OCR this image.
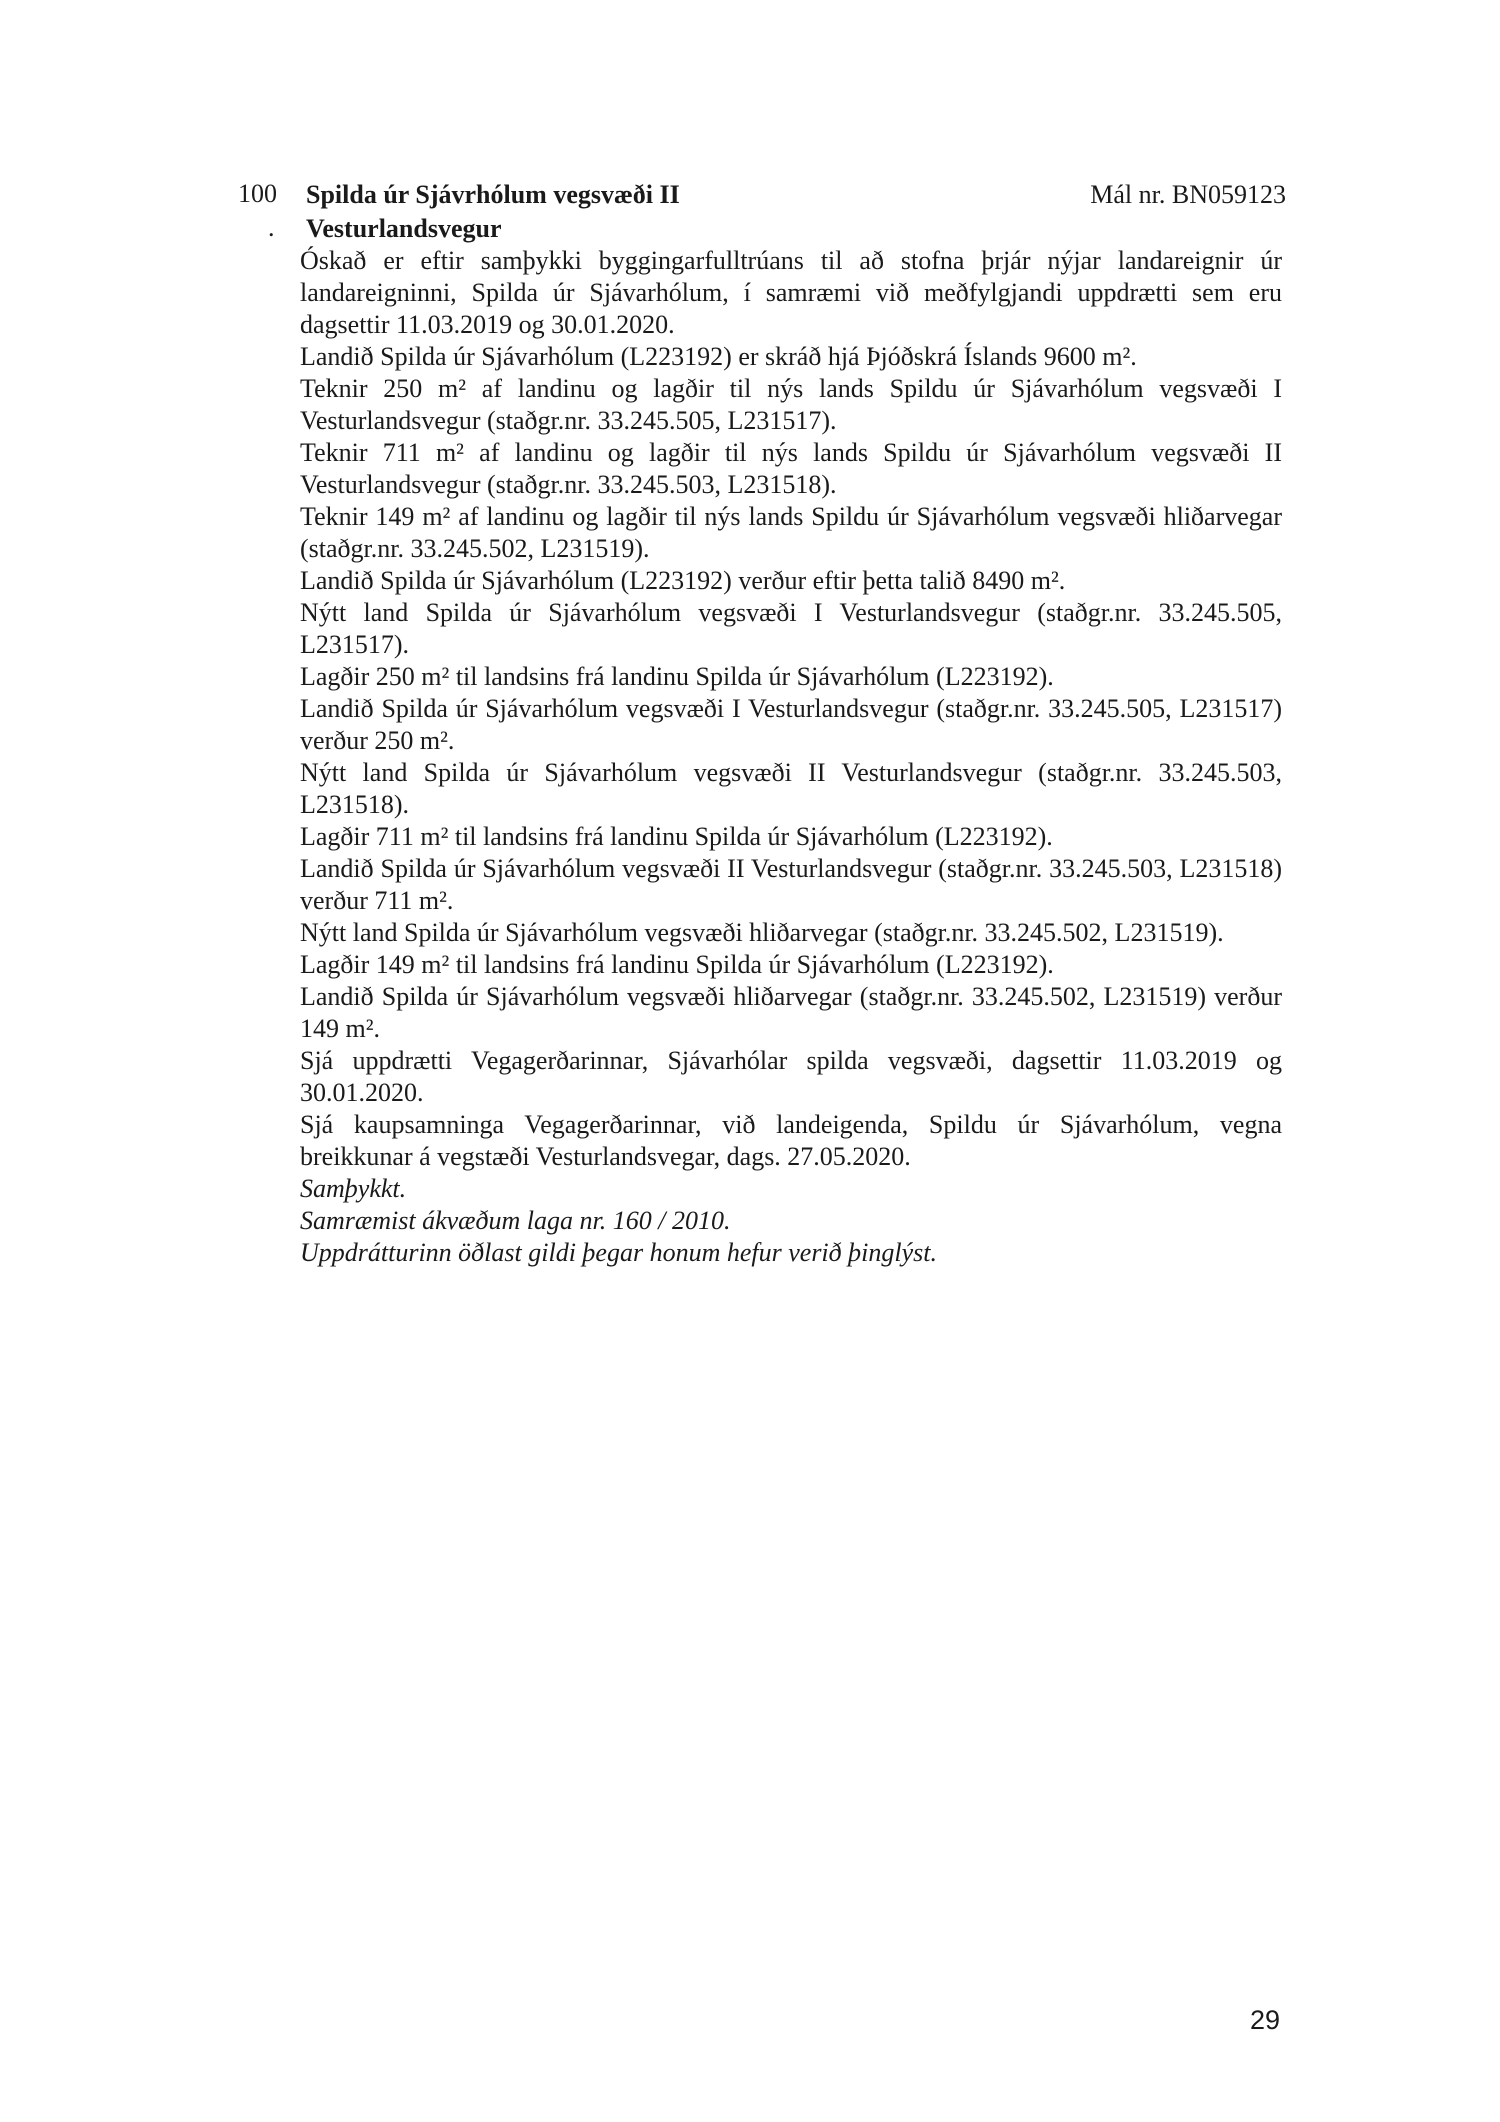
100
.
Spilda úr Sjávrhólum vegsvæði II
Vesturlandsvegur
Mál nr. BN059123

Óskað er eftir samþykki byggingarfulltrúans til að stofna þrjár nýjar landareignir úr landareigninni, Spilda úr Sjávarhólum, í samræmi við meðfylgjandi uppdrætti sem eru dagsettir 11.03.2019 og 30.01.2020.

Landið Spilda úr Sjávarhólum (L223192) er skráð hjá Þjóðskrá Íslands 9600 m².

Teknir 250 m² af landinu og lagðir til nýs lands Spildu úr Sjávarhólum vegsvæði I Vesturlandsvegur (staðgr.nr. 33.245.505, L231517).

Teknir 711 m² af landinu og lagðir til nýs lands Spildu úr Sjávarhólum vegsvæði II Vesturlandsvegur (staðgr.nr. 33.245.503, L231518).

Teknir 149 m² af landinu og lagðir til nýs lands Spildu úr Sjávarhólum vegsvæði hliðarvegar (staðgr.nr. 33.245.502, L231519).

Landið Spilda úr Sjávarhólum (L223192) verður eftir þetta talið 8490 m².

Nýtt land Spilda úr Sjávarhólum vegsvæði I Vesturlandsvegur (staðgr.nr. 33.245.505, L231517).

Lagðir 250 m² til landsins frá landinu Spilda úr Sjávarhólum (L223192).

Landið Spilda úr Sjávarhólum vegsvæði I Vesturlandsvegur (staðgr.nr. 33.245.505, L231517) verður 250 m².

Nýtt land Spilda úr Sjávarhólum vegsvæði II Vesturlandsvegur (staðgr.nr. 33.245.503, L231518).

Lagðir 711 m² til landsins frá landinu Spilda úr Sjávarhólum (L223192).

Landið Spilda úr Sjávarhólum vegsvæði II Vesturlandsvegur (staðgr.nr. 33.245.503, L231518) verður 711 m².

Nýtt land Spilda úr Sjávarhólum vegsvæði hliðarvegar (staðgr.nr. 33.245.502, L231519).

Lagðir 149 m² til landsins frá landinu Spilda úr Sjávarhólum (L223192).

Landið Spilda úr Sjávarhólum vegsvæði hliðarvegar (staðgr.nr. 33.245.502, L231519) verður 149 m².

Sjá uppdrætti Vegagerðarinnar, Sjávarhólar spilda vegsvæði, dagsettir 11.03.2019 og 30.01.2020.

Sjá kaupsamninga Vegagerðarinnar, við landeigenda, Spildu úr Sjávarhólum, vegna breikkunar á vegstæði Vesturlandsvegar, dags. 27.05.2020.

Samþykkt.

Samræmist ákvæðum laga nr. 160 / 2010.

Uppdrátturinn öðlast gildi þegar honum hefur verið þinglýst.

29
